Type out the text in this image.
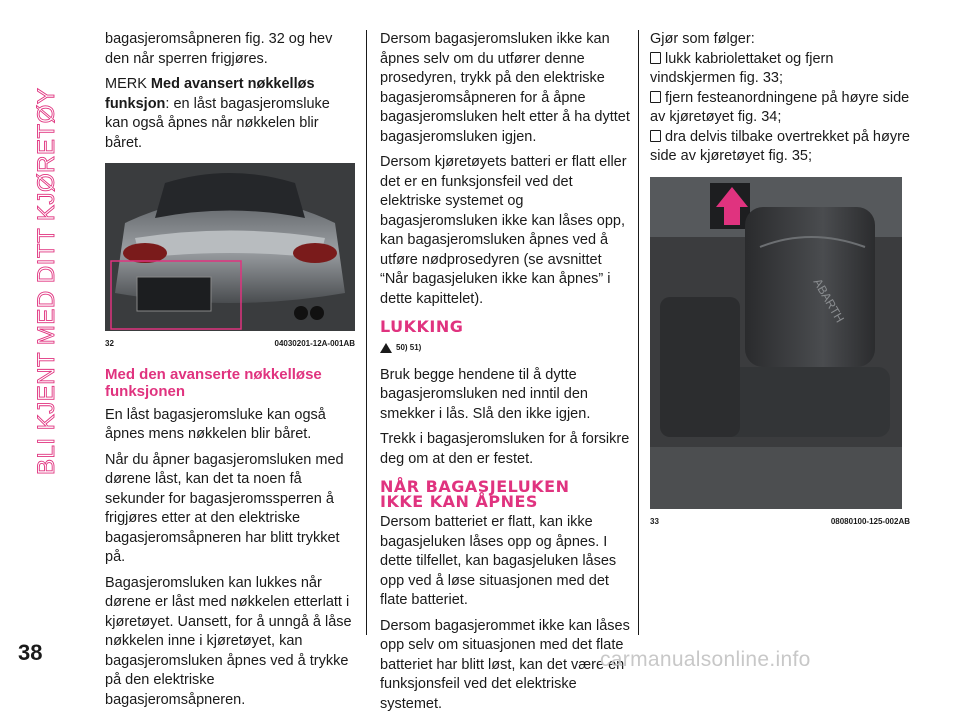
BLI KJENT MED DITT KJØRETØY
38

bagasjeromsåpneren fig. 32 og hev den når sperren frigjøres.

MERK Med avansert nøkkelløs funksjon: en låst bagasjeromsluke kan også åpnes når nøkkelen blir båret.

32	04030201-12A-001AB
Med den avanserte nøkkelløse funksjonen

En låst bagasjeromsluke kan også åpnes mens nøkkelen blir båret.

Når du åpner bagasjeromsluken med dørene låst, kan det ta noen få sekunder for bagasjeromssperren å frigjøres etter at den elektriske bagasjeromsåpneren har blitt trykket på.

Bagasjeromsluken kan lukkes når dørene er låst med nøkkelen etterlatt i kjøretøyet. Uansett, for å unngå å låse nøkkelen inne i kjøretøyet, kan bagasjeromsluken åpnes ved å trykke på den elektriske bagasjeromsåpneren.

Dersom bagasjeromsluken ikke kan åpnes selv om du utfører denne prosedyren, trykk på den elektriske bagasjeromsåpneren for å åpne bagasjeromsluken helt etter å ha dyttet bagasjeromsluken igjen.

Dersom kjøretøyets batteri er flatt eller det er en funksjonsfeil ved det elektriske systemet og bagasjeromsluken ikke kan låses opp, kan bagasjeromsluken åpnes ved å utføre nødprosedyren (se avsnittet “Når bagasjeluken ikke kan åpnes” i dette kapittelet).

LUKKING
50) 51)

Bruk begge hendene til å dytte bagasjeromsluken ned inntil den smekker i lås. Slå den ikke igjen.

Trekk i bagasjeromsluken for å forsikre deg om at den er festet.

NÅR BAGASJELUKEN
IKKE KAN ÅPNES

Dersom batteriet er flatt, kan ikke bagasjeluken låses opp og åpnes. I dette tilfellet, kan bagasjeluken låses opp ved å løse situasjonen med det flate batteriet.

Dersom bagasjerommet ikke kan låses opp selv om situasjonen med det flate batteriet har blitt løst, kan det være en funksjonsfeil ved det elektriske systemet.

Gjør som følger:

lukk kabriolettaket og fjern vindskjermen fig. 33;

fjern festeanordningene på høyre side av kjøretøyet fig. 34;

dra delvis tilbake overtrekket på høyre side av kjøretøyet fig. 35;

ABARTH
33	08080100-125-002AB
carmanualsonline.info
